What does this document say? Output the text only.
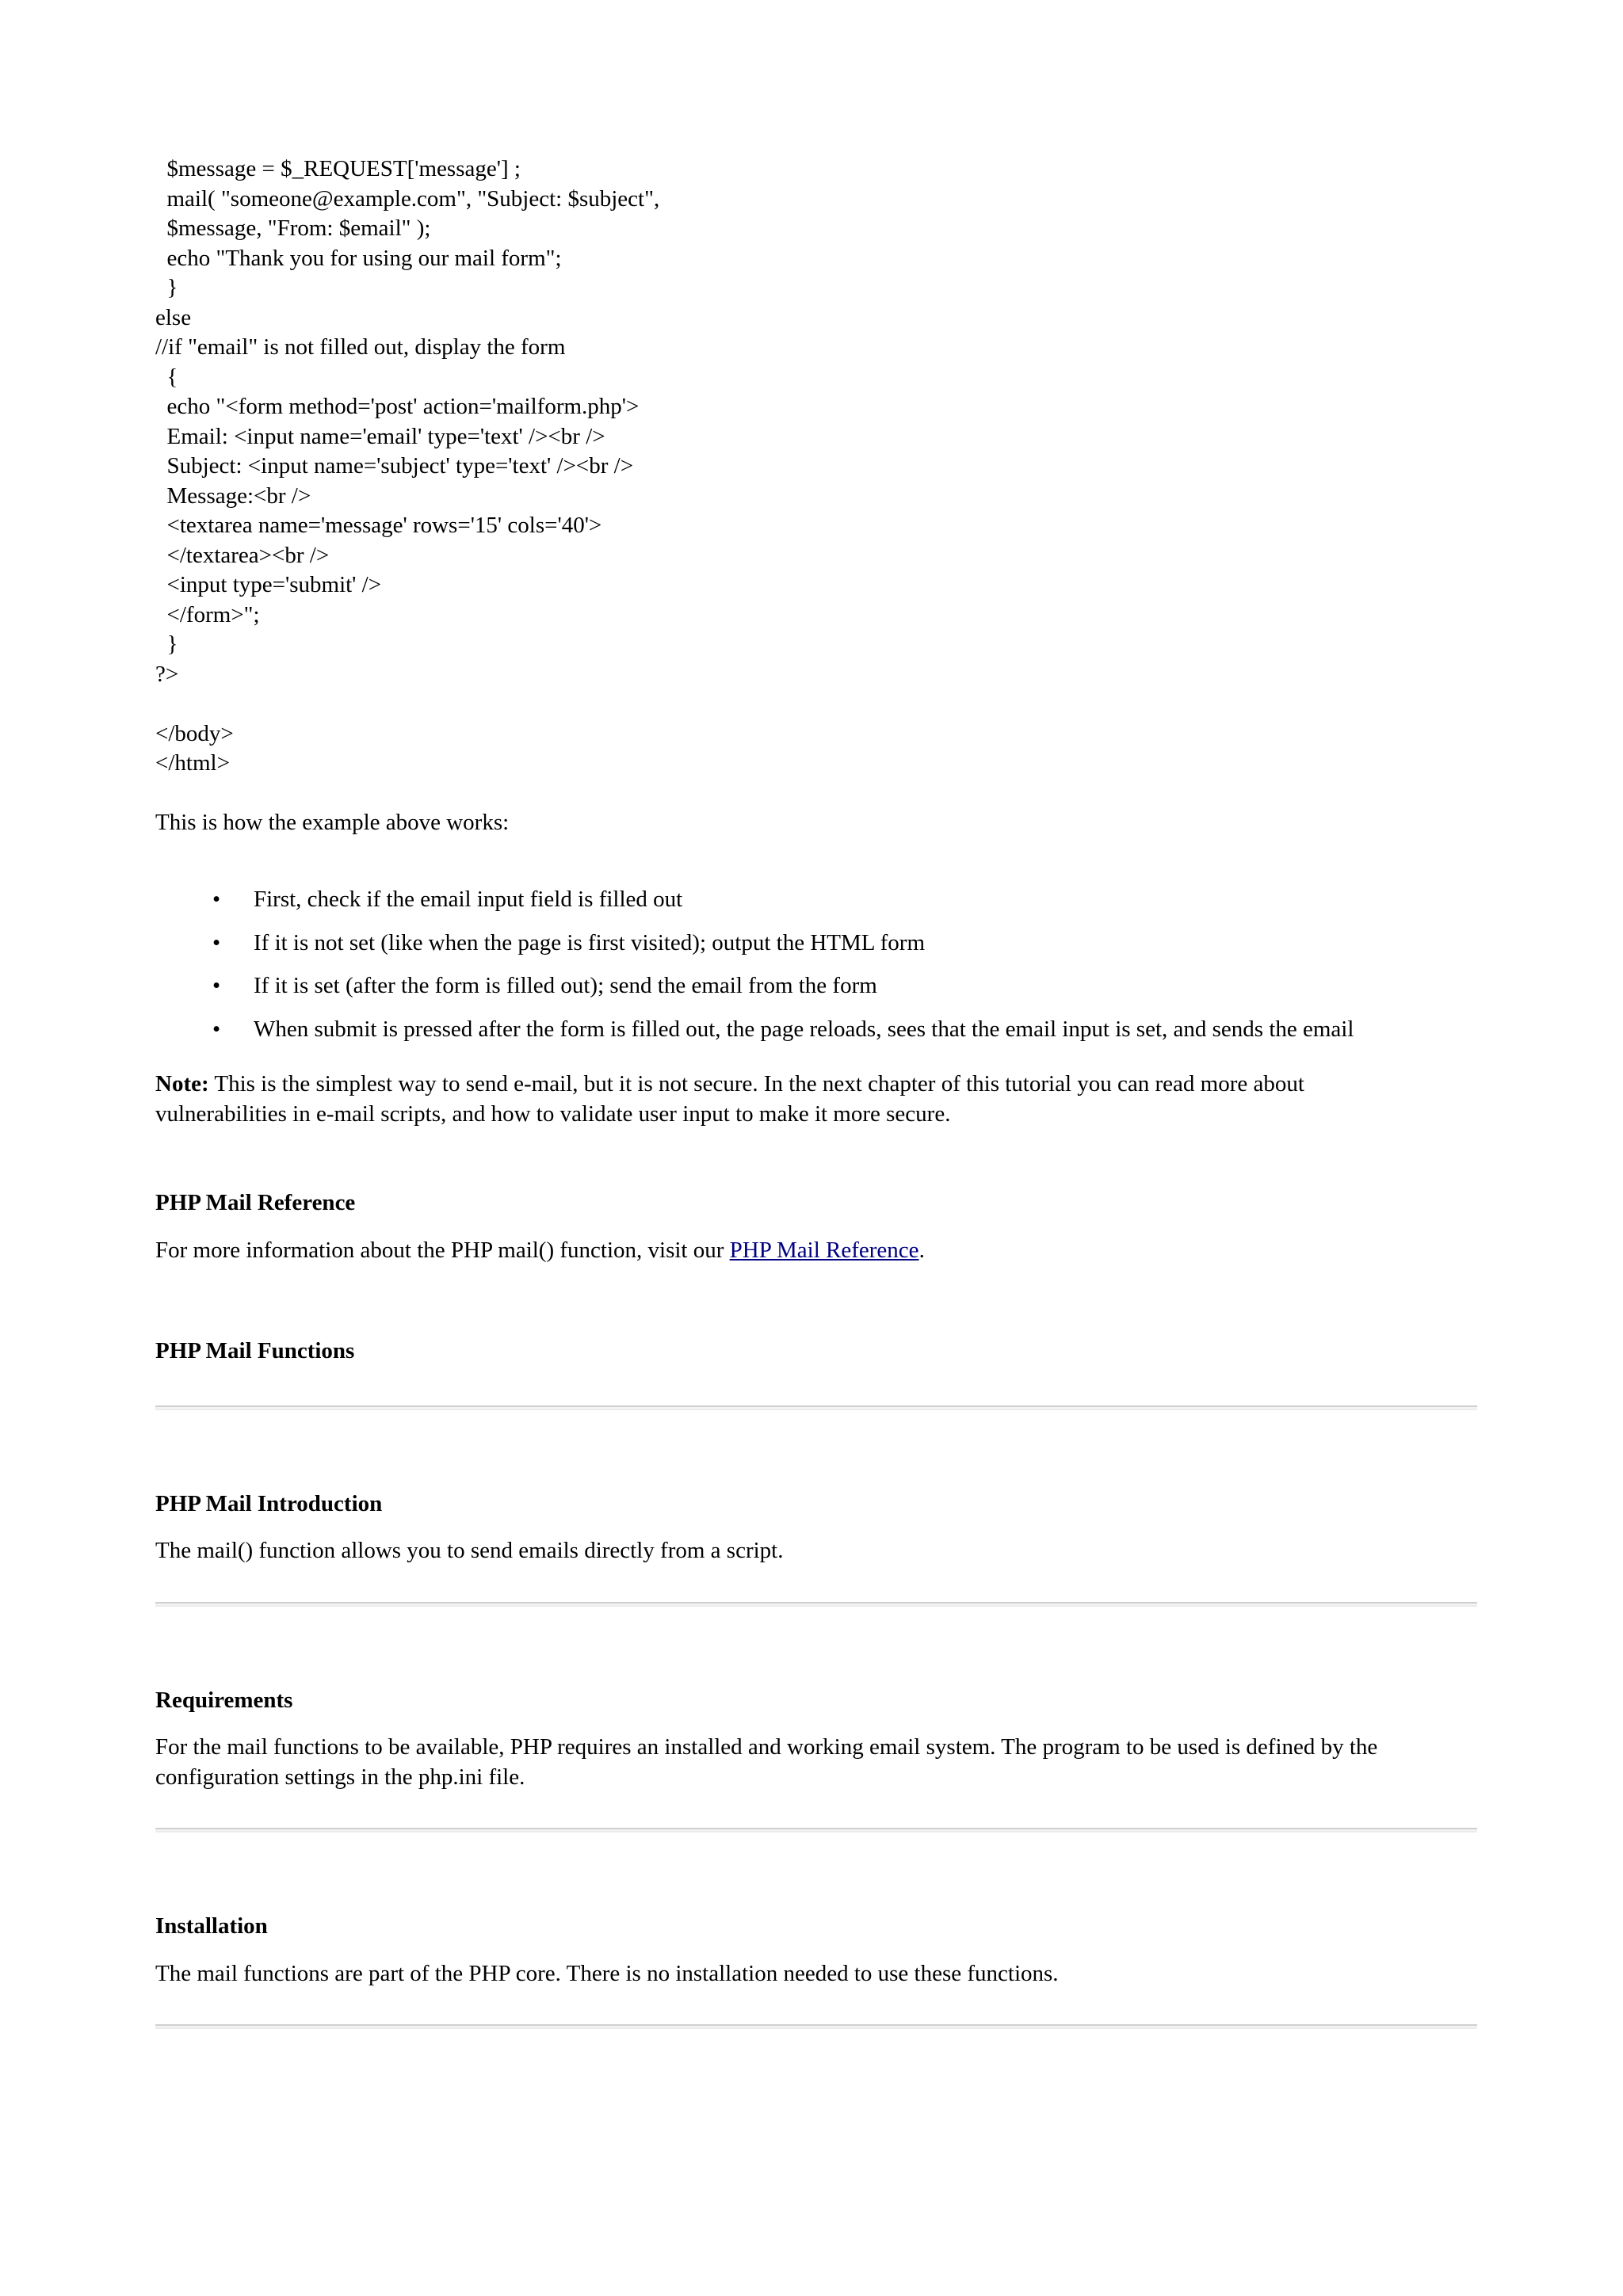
$message = $_REQUEST['message'] ;
mail( "someone@example.com", "Subject: $subject",
$message, "From: $email" );
echo "Thank you for using our mail form";
}
else
//if "email" is not filled out, display the form
{
echo "<form method='post' action='mailform.php'>
Email: <input name='email' type='text' /><br />
Subject: <input name='subject' type='text' /><br />
Message:<br />
<textarea name='message' rows='15' cols='40'>
</textarea><br />
<input type='submit' />
</form>";
}
?>
</body>
</html>

This is how the example above works:

• First, check if the email input field is filled out
• If it is not set (like when the page is first visited); output the HTML form
• If it is set (after the form is filled out); send the email from the form
• When submit is pressed after the form is filled out, the page reloads, sees that the email input is set, and sends the email

Note: This is the simplest way to send e-mail, but it is not secure. In the next chapter of this tutorial you can read more about vulnerabilities in e-mail scripts, and how to validate user input to make it more secure.

PHP Mail Reference

For more information about the PHP mail() function, visit our PHP Mail Reference.

PHP Mail Functions
PHP Mail Introduction

The mail() function allows you to send emails directly from a script.

Requirements

For the mail functions to be available, PHP requires an installed and working email system. The program to be used is defined by the configuration settings in the php.ini file.

Installation

The mail functions are part of the PHP core. There is no installation needed to use these functions.
